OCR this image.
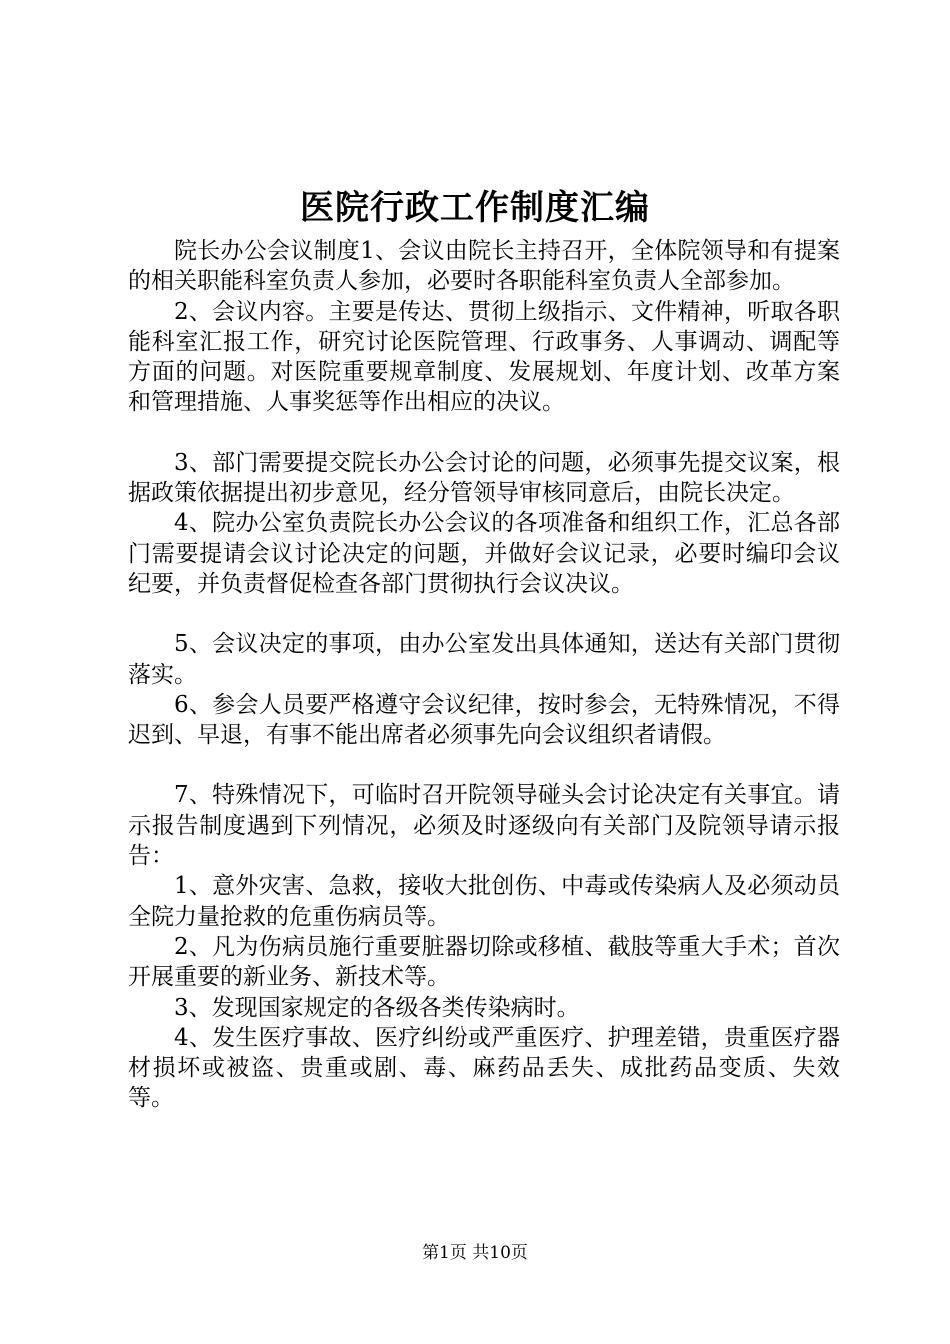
医院行政工作制度汇编

院长办公会议制度1、会议由院长主持召开，全体院领导和有提案的相关职能科室负责人参加，必要时各职能科室负责人全部参加。

2、会议内容。主要是传达、贯彻上级指示、文件精神，听取各职能科室汇报工作，研究讨论医院管理、行政事务、人事调动、调配等方面的问题。对医院重要规章制度、发展规划、年度计划、改革方案和管理措施、人事奖惩等作出相应的决议。

3、部门需要提交院长办公会讨论的问题，必须事先提交议案，根据政策依据提出初步意见，经分管领导审核同意后，由院长决定。

4、院办公室负责院长办公会议的各项准备和组织工作，汇总各部门需要提请会议讨论决定的问题，并做好会议记录，必要时编印会议纪要，并负责督促检查各部门贯彻执行会议决议。

5、会议决定的事项，由办公室发出具体通知，送达有关部门贯彻落实。

6、参会人员要严格遵守会议纪律，按时参会，无特殊情况，不得迟到、早退，有事不能出席者必须事先向会议组织者请假。

7、特殊情况下，可临时召开院领导碰头会讨论决定有关事宜。请示报告制度遇到下列情况，必须及时逐级向有关部门及院领导请示报告：

1、意外灾害、急救，接收大批创伤、中毒或传染病人及必须动员全院力量抢救的危重伤病员等。

2、凡为伤病员施行重要脏器切除或移植、截肢等重大手术；首次开展重要的新业务、新技术等。

3、发现国家规定的各级各类传染病时。

4、发生医疗事故、医疗纠纷或严重医疗、护理差错，贵重医疗器材损坏或被盗、贵重或剧、毒、麻药品丢失、成批药品变质、失效等。

第1页 共10页
